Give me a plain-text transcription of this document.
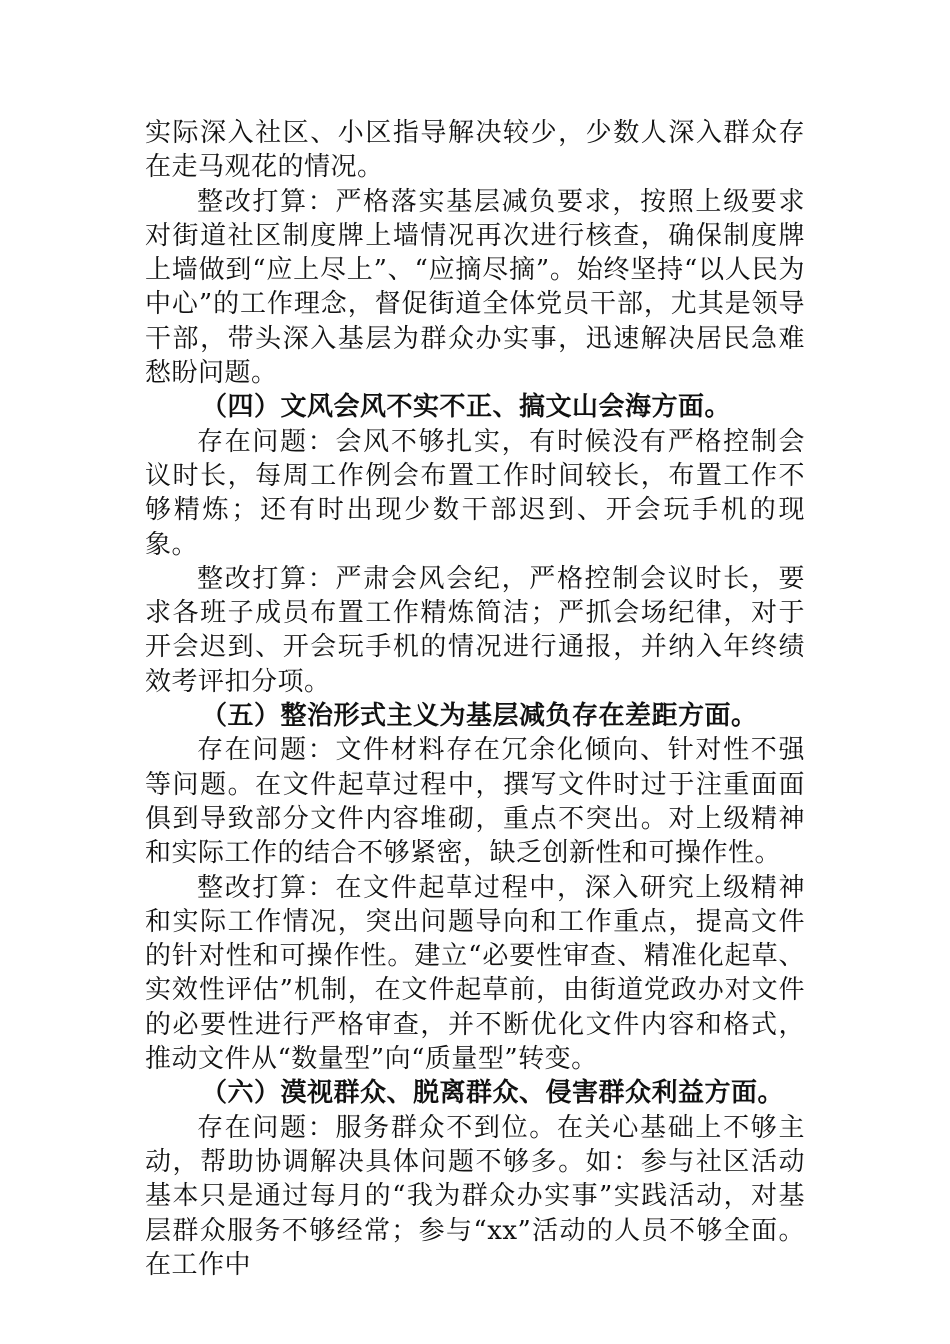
实际深入社区、小区指导解决较少，少数人深入群众存在走马观花的情况。

整改打算：严格落实基层减负要求，按照上级要求对街道社区制度牌上墙情况再次进行核查，确保制度牌上墙做到“应上尽上”、“应摘尽摘”。始终坚持“以人民为中心”的工作理念，督促街道全体党员干部，尤其是领导干部，带头深入基层为群众办实事，迅速解决居民急难愁盼问题。

（四）文风会风不实不正、搞文山会海方面。

存在问题：会风不够扎实，有时候没有严格控制会议时长，每周工作例会布置工作时间较长，布置工作不够精炼；还有时出现少数干部迟到、开会玩手机的现象。

整改打算：严肃会风会纪，严格控制会议时长，要求各班子成员布置工作精炼简洁；严抓会场纪律，对于开会迟到、开会玩手机的情况进行通报，并纳入年终绩效考评扣分项。

（五）整治形式主义为基层减负存在差距方面。

存在问题：文件材料存在冗余化倾向、针对性不强等问题。在文件起草过程中，撰写文件时过于注重面面俱到导致部分文件内容堆砌，重点不突出。对上级精神和实际工作的结合不够紧密，缺乏创新性和可操作性。

整改打算：在文件起草过程中，深入研究上级精神和实际工作情况，突出问题导向和工作重点，提高文件的针对性和可操作性。建立“必要性审查、精准化起草、实效性评估”机制，在文件起草前，由街道党政办对文件的必要性进行严格审查，并不断优化文件内容和格式，推动文件从“数量型”向“质量型”转变。

（六）漠视群众、脱离群众、侵害群众利益方面。

存在问题：服务群众不到位。在关心基础上不够主动，帮助协调解决具体问题不够多。如：参与社区活动基本只是通过每月的“我为群众办实事”实践活动，对基层群众服务不够经常；参与“xx”活动的人员不够全面。在工作中
